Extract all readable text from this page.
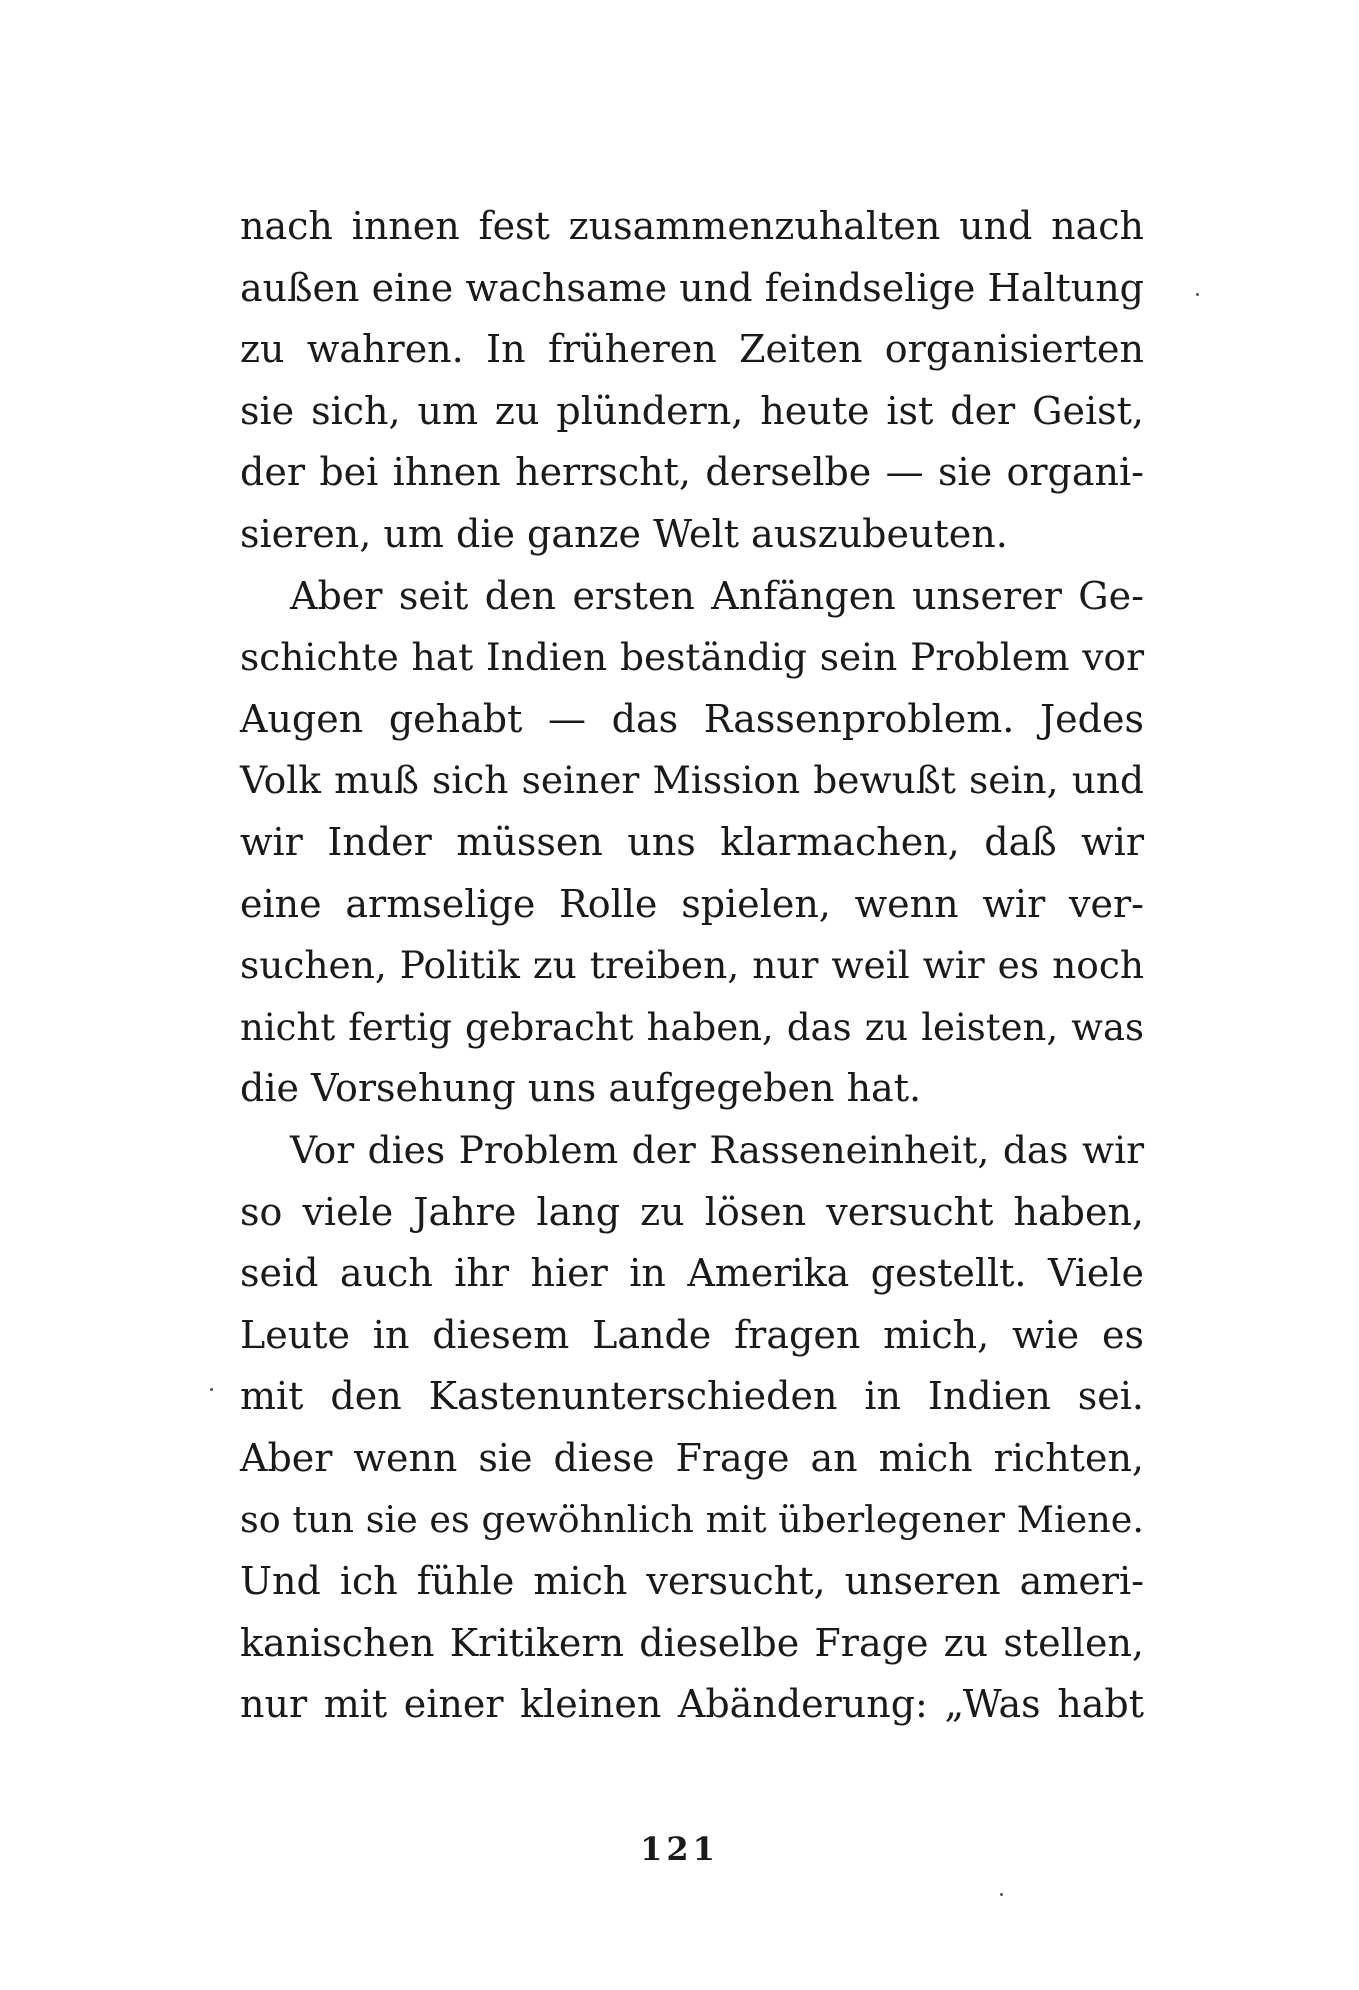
nach innen fest zusammenzuhalten und nach
außen eine wachsame und feindselige Haltung
zu wahren. In früheren Zeiten organisierten
sie sich, um zu plündern, heute ist der Geist,
der bei ihnen herrscht, derselbe — sie organi-
sieren, um die ganze Welt auszubeuten.
Aber seit den ersten Anfängen unserer Ge-
schichte hat Indien beständig sein Problem vor
Augen gehabt — das Rassenproblem. Jedes
Volk muß sich seiner Mission bewußt sein, und
wir Inder müssen uns klarmachen, daß wir
eine armselige Rolle spielen, wenn wir ver-
suchen, Politik zu treiben, nur weil wir es noch
nicht fertig gebracht haben, das zu leisten, was
die Vorsehung uns aufgegeben hat.
Vor dies Problem der Rasseneinheit, das wir
so viele Jahre lang zu lösen versucht haben,
seid auch ihr hier in Amerika gestellt. Viele
Leute in diesem Lande fragen mich, wie es
mit den Kastenunterschieden in Indien sei.
Aber wenn sie diese Frage an mich richten,
so tun sie es gewöhnlich mit überlegener Miene.
Und ich fühle mich versucht, unseren ameri-
kanischen Kritikern dieselbe Frage zu stellen,
nur mit einer kleinen Abänderung: „Was habt
121
